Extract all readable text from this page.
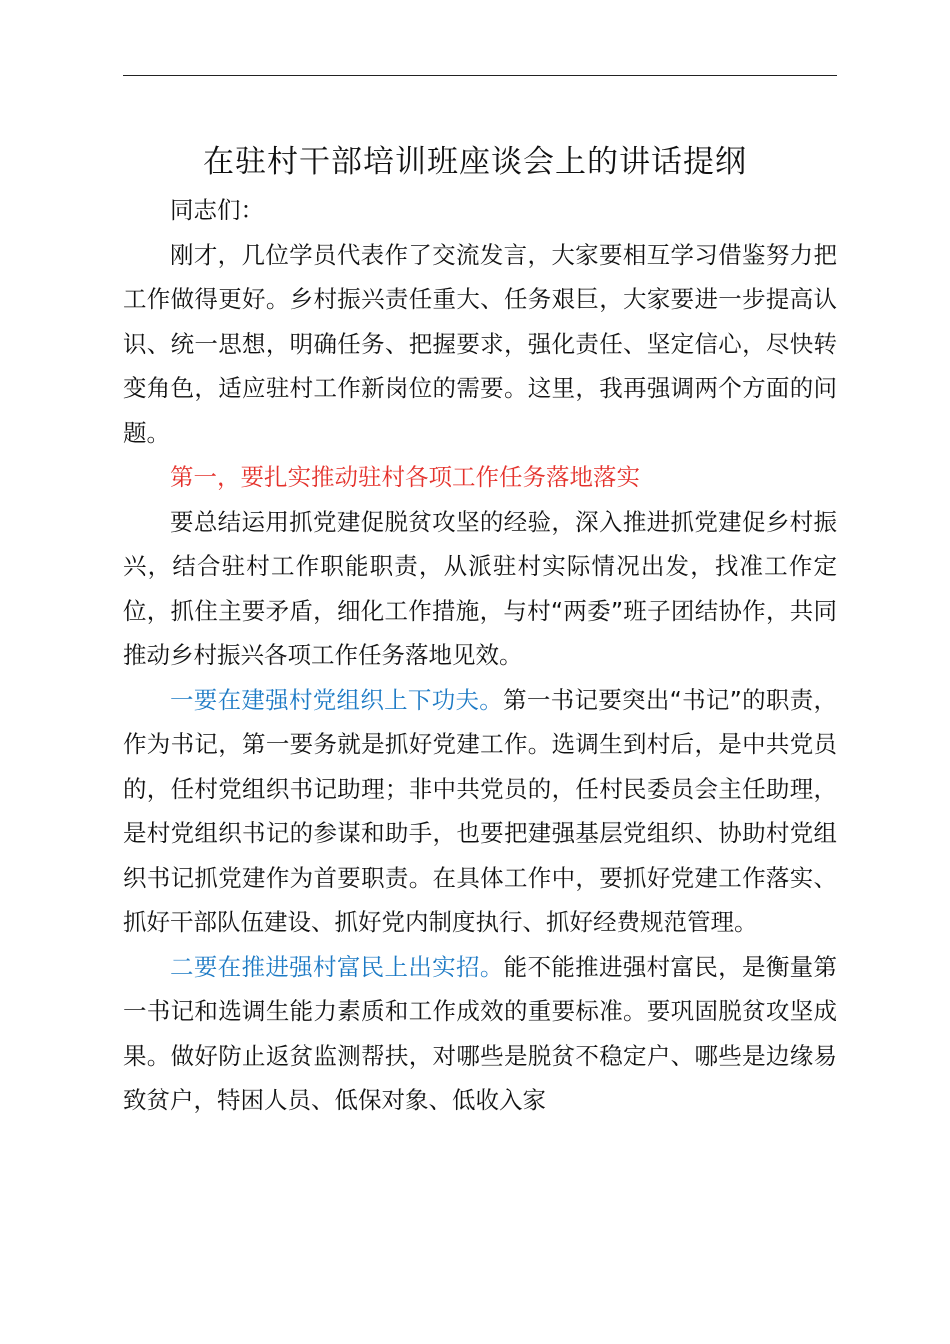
在驻村干部培训班座谈会上的讲话提纲

同志们：

刚才，几位学员代表作了交流发言，大家要相互学习借鉴努力把工作做得更好。乡村振兴责任重大、任务艰巨，大家要进一步提高认识、统一思想，明确任务、把握要求，强化责任、坚定信心，尽快转变角色，适应驻村工作新岗位的需要。这里，我再强调两个方面的问题。

第一，要扎实推动驻村各项工作任务落地落实

要总结运用抓党建促脱贫攻坚的经验，深入推进抓党建促乡村振兴，结合驻村工作职能职责，从派驻村实际情况出发，找准工作定位，抓住主要矛盾，细化工作措施，与村“两委”班子团结协作，共同推动乡村振兴各项工作任务落地见效。

一要在建强村党组织上下功夫。第一书记要突出“书记”的职责，作为书记，第一要务就是抓好党建工作。选调生到村后，是中共党员的，任村党组织书记助理；非中共党员的，任村民委员会主任助理，是村党组织书记的参谋和助手，也要把建强基层党组织、协助村党组织书记抓党建作为首要职责。在具体工作中，要抓好党建工作落实、抓好干部队伍建设、抓好党内制度执行、抓好经费规范管理。

二要在推进强村富民上出实招。能不能推进强村富民，是衡量第一书记和选调生能力素质和工作成效的重要标准。要巩固脱贫攻坚成果。做好防止返贫监测帮扶，对哪些是脱贫不稳定户、哪些是边缘易致贫户，特困人员、低保对象、低收入家
